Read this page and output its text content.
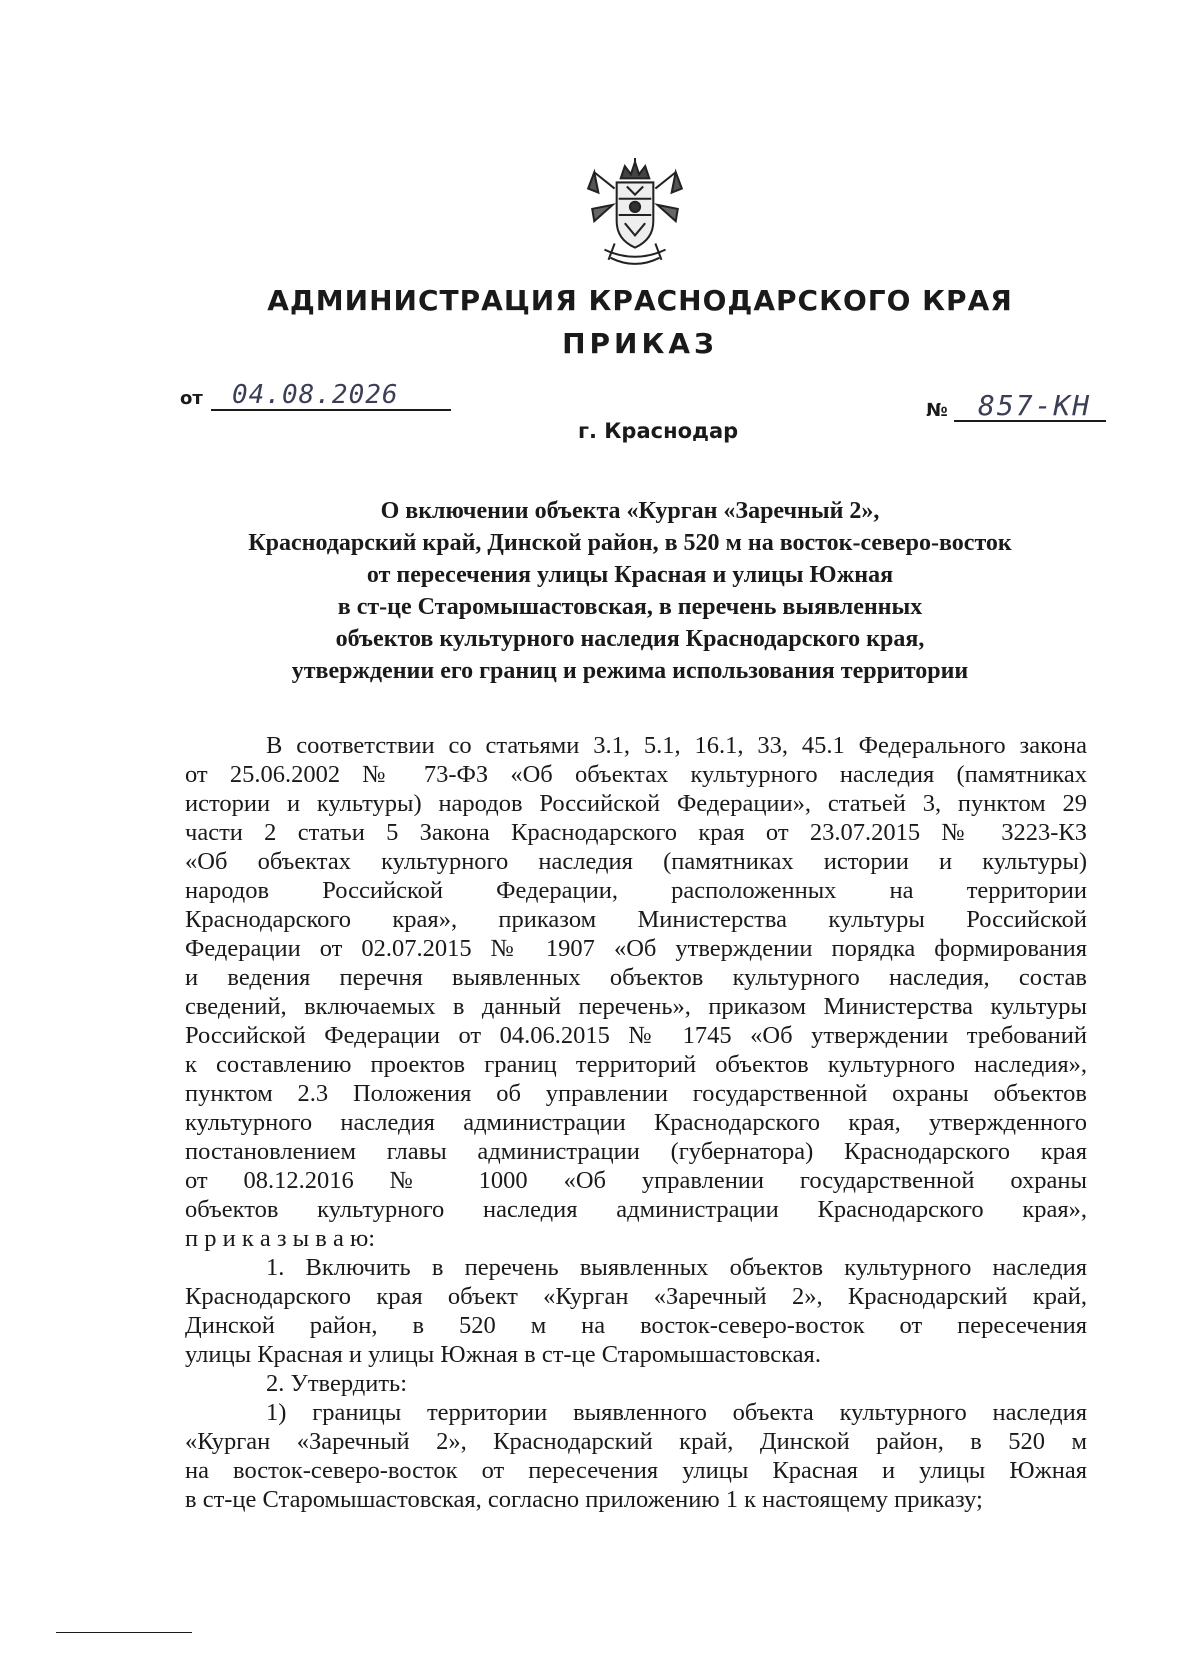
АДМИНИСТРАЦИЯ КРАСНОДАРСКОГО КРАЯ
ПРИКАЗ
от 04.08.2026
№ 857-КН
г. Краснодар
О включении объекта «Курган «Заречный 2»,
Краснодарский край, Динской район, в 520 м на восток-северо-восток
от пересечения улицы Красная и улицы Южная
в ст-це Старомышастовская, в перечень выявленных
объектов культурного наследия Краснодарского края,
утверждении его границ и режима использования территории
В соответствии со статьями 3.1, 5.1, 16.1, 33, 45.1 Федерального закона
от 25.06.2002 № 73-ФЗ «Об объектах культурного наследия (памятниках
истории и культуры) народов Российской Федерации», статьей 3, пунктом 29
части 2 статьи 5 Закона Краснодарского края от 23.07.2015 № 3223-КЗ
«Об объектах культурного наследия (памятниках истории и культуры)
народов Российской Федерации, расположенных на территории
Краснодарского края», приказом Министерства культуры Российской
Федерации от 02.07.2015 № 1907 «Об утверждении порядка формирования
и ведения перечня выявленных объектов культурного наследия, состав
сведений, включаемых в данный перечень», приказом Министерства культуры
Российской Федерации от 04.06.2015 № 1745 «Об утверждении требований
к составлению проектов границ территорий объектов культурного наследия»,
пунктом 2.3 Положения об управлении государственной охраны объектов
культурного наследия администрации Краснодарского края, утвержденного
постановлением главы администрации (губернатора) Краснодарского края
от 08.12.2016 № 1000 «Об управлении государственной охраны
объектов культурного наследия администрации Краснодарского края»,
п р и к а з ы в а ю:
1. Включить в перечень выявленных объектов культурного наследия
Краснодарского края объект «Курган «Заречный 2», Краснодарский край,
Динской район, в 520 м на восток-северо-восток от пересечения
улицы Красная и улицы Южная в ст-це Старомышастовская.
2. Утвердить:
1) границы территории выявленного объекта культурного наследия
«Курган «Заречный 2», Краснодарский край, Динской район, в 520 м
на восток-северо-восток от пересечения улицы Красная и улицы Южная
в ст-це Старомышастовская, согласно приложению 1 к настоящему приказу;
